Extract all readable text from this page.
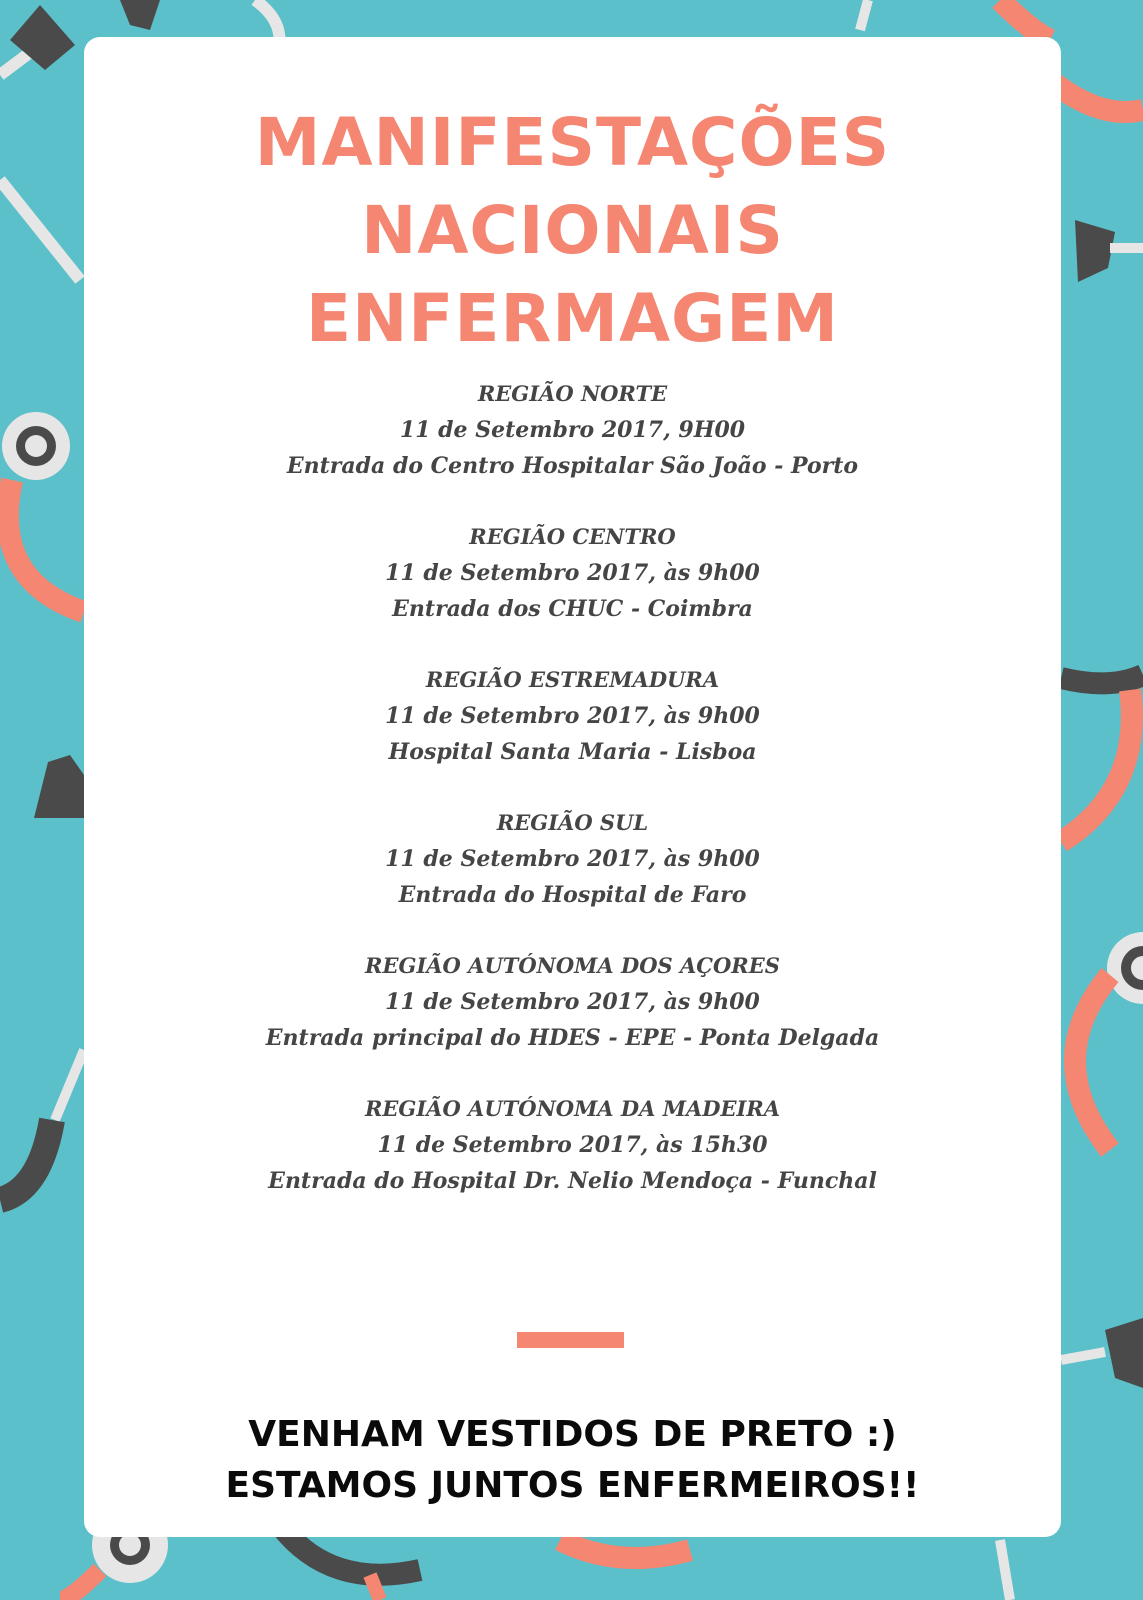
MANIFESTAÇÕES
NACIONAIS
ENFERMAGEM
REGIÃO NORTE
11 de Setembro 2017, 9H00
Entrada do Centro Hospitalar São João - Porto
REGIÃO CENTRO
11 de Setembro 2017, às 9h00
Entrada dos CHUC - Coimbra
REGIÃO ESTREMADURA
11 de Setembro 2017, às 9h00
Hospital Santa Maria - Lisboa
REGIÃO SUL
11 de Setembro 2017, às 9h00
Entrada do Hospital de Faro
REGIÃO AUTÓNOMA DOS AÇORES
11 de Setembro 2017, às 9h00
Entrada principal do HDES - EPE - Ponta Delgada
REGIÃO AUTÓNOMA DA MADEIRA
11 de Setembro 2017, às 15h30
Entrada do Hospital Dr. Nelio Mendoça - Funchal
VENHAM VESTIDOS DE PRETO :)
ESTAMOS JUNTOS ENFERMEIROS!!
